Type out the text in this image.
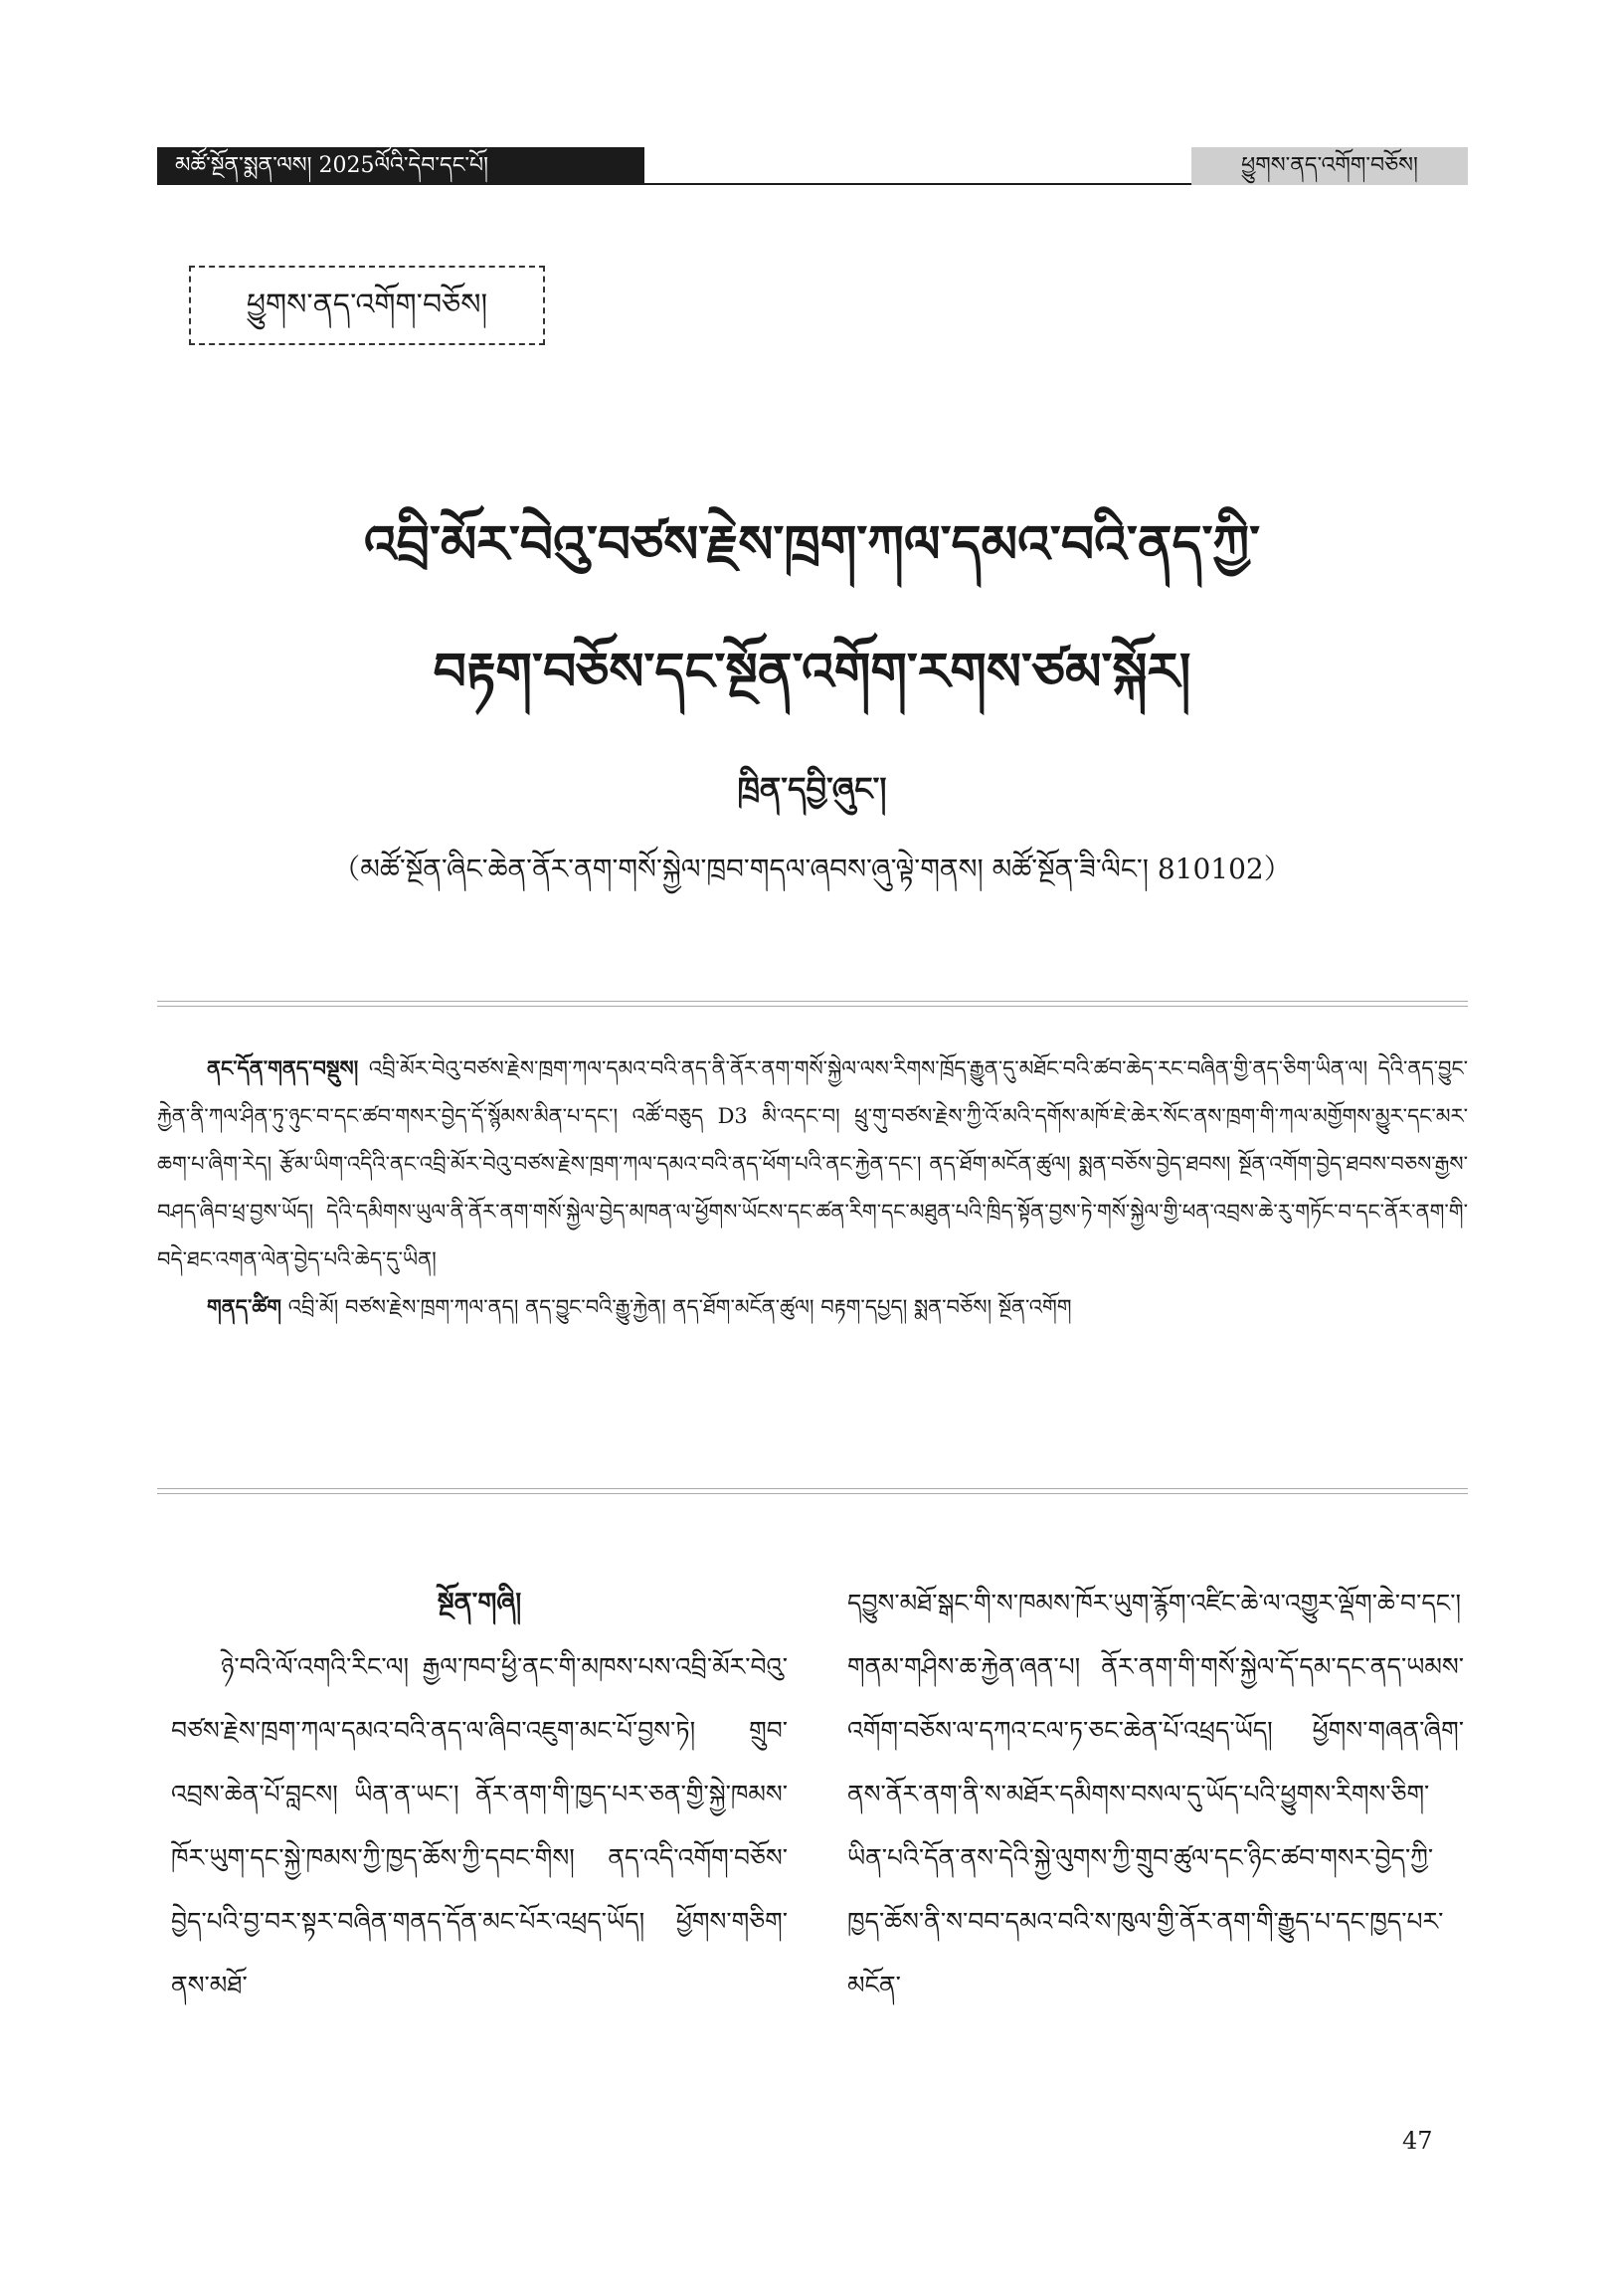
མཚོ་སྔོན་སྨན་ལས། 2025ལོའི་དེབ་དང་པོ།	ཕྱུགས་ནད་འགོག་བཅོས།
ཕྱུགས་ནད་འགོག་བཅོས།
འབྲི་མོར་བེའུ་བཙས་རྗེས་ཁྲག་ཀལ་དམའ་བའི་ནད་ཀྱི་
བརྟག་བཅོས་དང་སྔོན་འགོག་རགས་ཙམ་སྐོར།
ཁྲིན་དབྱི་ཞུང་།
（མཚོ་སྔོན་ཞིང་ཆེན་ནོར་ནག་གསོ་སྐྱེལ་ཁྲབ་གདལ་ཞབས་ཞུ་ལྟེ་གནས། མཚོ་སྔོན་ཟི་ལིང་། 810102）

ནང་དོན་གནད་བསྡུས། འབྲི་མོར་བེའུ་བཙས་རྗེས་ཁྲག་ཀལ་དམའ་བའི་ནད་ནི་ནོར་ནག་གསོ་སྐྱེལ་ལས་རིགས་ཁྲོད་རྒྱུན་དུ་མཐོང་བའི་ཚབ་ཆེད་རང་བཞིན་གྱི་ནད་ཅིག་ཡིན་ལ། དེའི་ནད་བྱུང་རྐྱེན་ནི་ཀལ་ཤིན་ཏུ་ཉུང་བ་དང་ཚབ་གསར་བྱེད་དོ་སྙོམས་མིན་པ་དང་། འཚོ་བཅུད D3 མི་འདང་བ། ཕྲུ་གུ་བཙས་རྗེས་ཀྱི་འོ་མའི་དགོས་མཁོ་ཇེ་ཆེར་སོང་ནས་ཁྲག་གི་ཀལ་མགྱོགས་མྱུར་དང་མར་ཆག་པ་ཞིག་རེད། རྩོམ་ཡིག་འདིའི་ནང་འབྲི་མོར་བེའུ་བཙས་རྗེས་ཁྲག་ཀལ་དམའ་བའི་ནད་ཕོག་པའི་ནང་རྐྱེན་དང་། ནད་ཐོག་མངོན་ཚུལ། སྨན་བཅོས་བྱེད་ཐབས། སྔོན་འགོག་བྱེད་ཐབས་བཅས་རྒྱས་བཤད་ཞིབ་ཕྲ་བྱས་ཡོད། དེའི་དམིགས་ཡུལ་ནི་ནོར་ནག་གསོ་སྐྱེལ་བྱེད་མཁན་ལ་ཕྱོགས་ཡོངས་དང་ཚན་རིག་དང་མཐུན་པའི་ཁྲིད་སྟོན་བྱས་ཏེ་གསོ་སྐྱེལ་གྱི་ཕན་འབྲས་ཆེ་རུ་གཏོང་བ་དང་ནོར་ནག་གི་བདེ་ཐང་འགན་ལེན་བྱེད་པའི་ཆེད་དུ་ཡིན།

གནད་ཚིག འབྲི་མོ། བཙས་རྗེས་ཁྲག་ཀལ་ནད། ནད་བྱུང་བའི་རྒྱུ་རྐྱེན། ནད་ཐོག་མངོན་ཚུལ། བརྟག་དཔྱད། སྨན་བཅོས། སྔོན་འགོག

སྔོན་གཞི།

ཉེ་བའི་ལོ་འགའི་རིང་ལ། རྒྱལ་ཁབ་ཕྱི་ནང་གི་མཁས་པས་འབྲི་མོར་བེའུ་བཙས་རྗེས་ཁྲག་ཀལ་དམའ་བའི་ནད་ལ་ཞིབ་འཇུག་མང་པོ་བྱས་ཏེ། གྲུབ་འབྲས་ཆེན་པོ་བླངས། ཡིན་ན་ཡང་། ནོར་ནག་གི་ཁྱད་པར་ཅན་གྱི་སྐྱེ་ཁམས་ཁོར་ཡུག་དང་སྐྱེ་ཁམས་ཀྱི་ཁྱད་ཆོས་ཀྱི་དབང་གིས། ནད་འདི་འགོག་བཅོས་བྱེད་པའི་བྱ་བར་སྟར་བཞིན་གནད་དོན་མང་པོར་འཕྲད་ཡོད། ཕྱོགས་གཅིག་ནས་མཐོ་

དབྱུས་མཐོ་སྒང་གི་ས་ཁམས་ཁོར་ཡུག་རྙོག་འཛིང་ཆེ་ལ་འགྱུར་ལྡོག་ཆེ་བ་དང་། གནམ་གཤིས་ཆ་རྐྱེན་ཞན་པ། ནོར་ནག་གི་གསོ་སྐྱེལ་དོ་དམ་དང་ནད་ཡམས་འགོག་བཅོས་ལ་དཀའ་ངལ་ཏ་ཅང་ཆེན་པོ་འཕྲད་ཡོད། ཕྱོགས་གཞན་ཞིག་ནས་ནོར་ནག་ནི་ས་མཐོར་དམིགས་བསལ་དུ་ཡོད་པའི་ཕྱུགས་རིགས་ཅིག་ཡིན་པའི་དོན་ནས་དེའི་སྐྱེ་ལུགས་ཀྱི་གྲུབ་ཚུལ་དང་ཉིང་ཚབ་གསར་བྱེད་ཀྱི་ཁྱད་ཆོས་ནི་ས་བབ་དམའ་བའི་ས་ཁུལ་གྱི་ནོར་ནག་གི་རྒྱུད་པ་དང་ཁྱད་པར་མངོན་

47
